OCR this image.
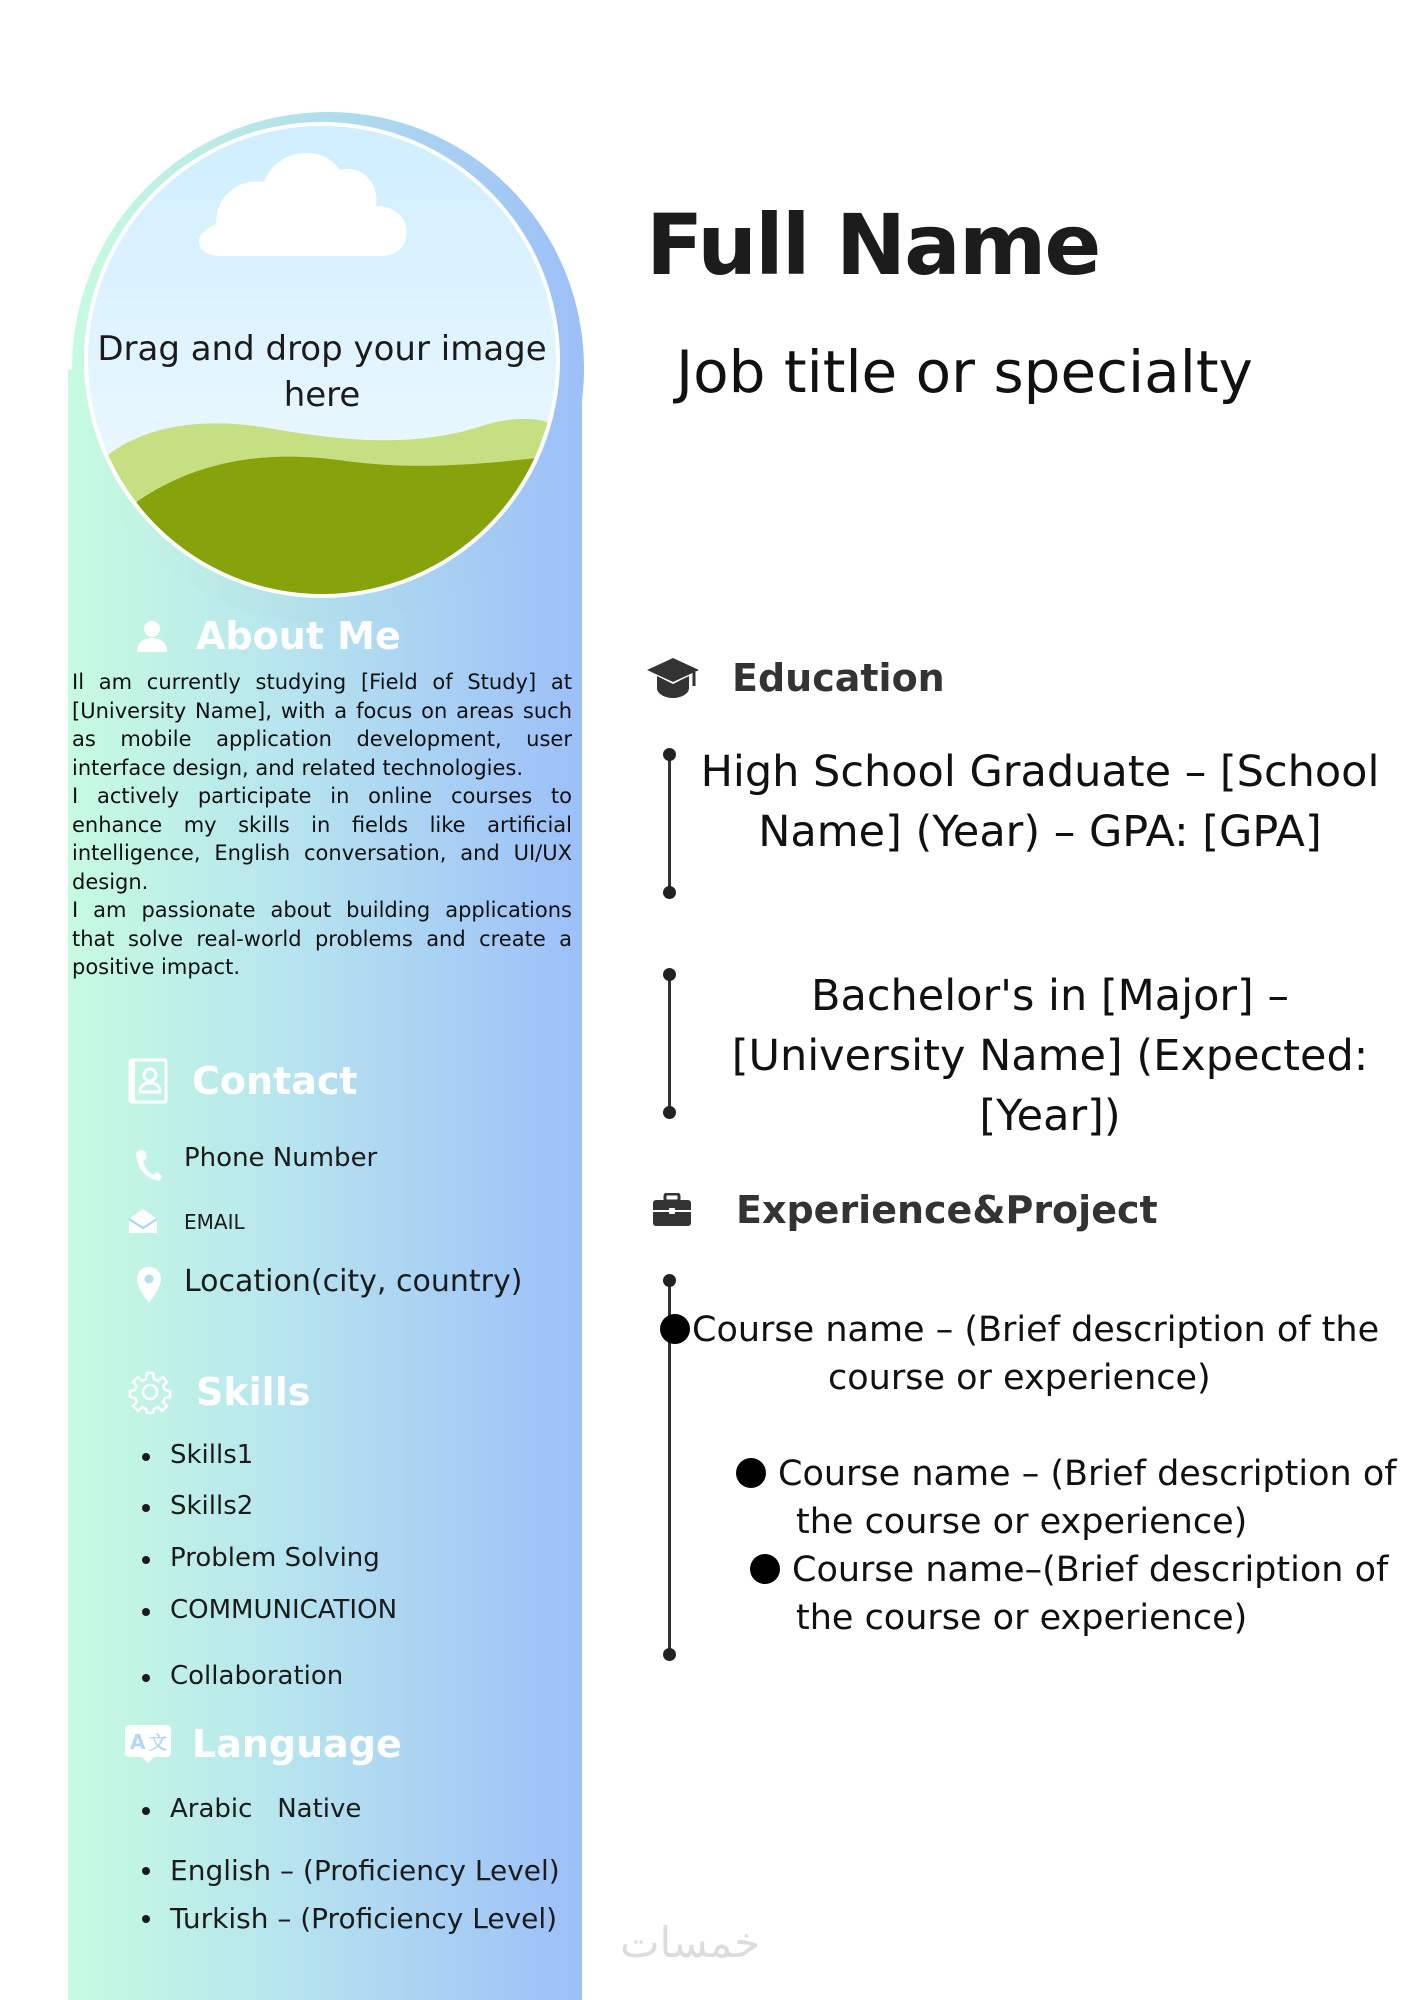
Drag and drop your image
here
About Me

Il am currently studying [Field of Study] at [University Name], with a focus on areas such as mobile application development, user interface design, and related technologies.

I actively participate in online courses to enhance my skills in fields like artificial intelligence, English conversation, and UI/UX design.

I am passionate about building applications that solve real-world problems and create a positive impact.

Contact
Phone Number
EMAIL
Location(city, country)
Skills
Skills1
Skills2
Problem Solving
COMMUNICATION
Collaboration
A 文 Language
Arabic   Native
English – (Proficiency Level)
Turkish – (Proficiency Level)
Full Name
Job title or specialty
Education
High School Graduate – [School
Name] (Year) – GPA: [GPA]
Bachelor's in [Major] –
[University Name] (Expected:
[Year])
Experience&Project
Course name – (Brief description of the
course or experience)
Course name – (Brief description of
the course or experience)
Course name–(Brief description of
the course or experience)
خمسات
